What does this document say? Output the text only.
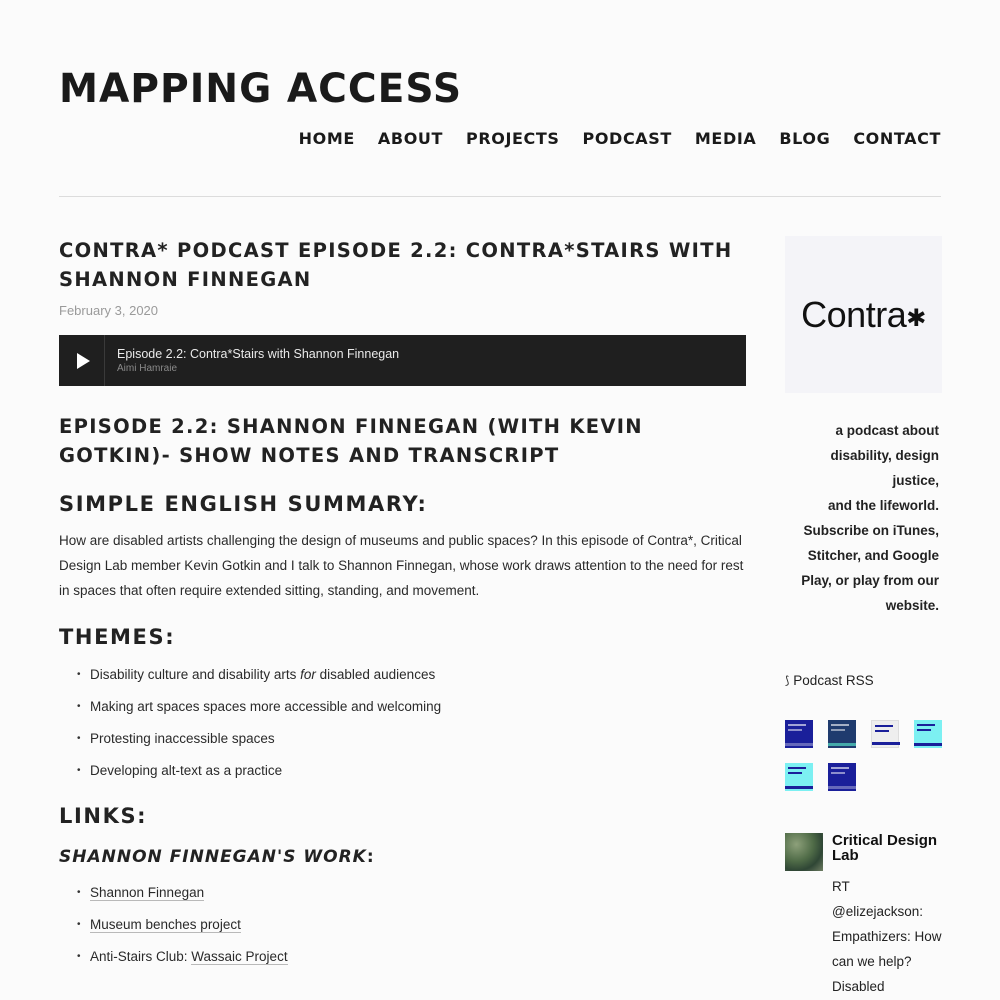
MAPPING ACCESS
HOME ABOUT PROJECTS PODCAST MEDIA BLOG CONTACT
CONTRA* PODCAST EPISODE 2.2: CONTRA*STAIRS WITH SHANNON FINNEGAN
February 3, 2020
Episode 2.2: Contra*Stairs with Shannon Finnegan
Aimi Hamraie
EPISODE 2.2: SHANNON FINNEGAN (WITH KEVIN GOTKIN)- SHOW NOTES AND TRANSCRIPT
SIMPLE ENGLISH SUMMARY:

How are disabled artists challenging the design of museums and public spaces? In this episode of Contra*, Critical Design Lab member Kevin Gotkin and I talk to Shannon Finnegan, whose work draws attention to the need for rest in spaces that often require extended sitting, standing, and movement.

THEMES:
• Disability culture and disability arts for disabled audiences
• Making art spaces spaces more accessible and welcoming
• Protesting inaccessible spaces
• Developing alt-text as a practice
LINKS:
SHANNON FINNEGAN'S WORK:
• Shannon Finnegan
• Museum benches project
• Anti-Stairs Club: Wassaic Project
Contra✱
a podcast about
disability, design justice,
and the lifeworld.
Subscribe on iTunes,
Stitcher, and Google
Play, or play from our
website.
⟆ Podcast RSS
Critical Design Lab
RT @elizejackson: Empathizers: How can we help? Disabled
